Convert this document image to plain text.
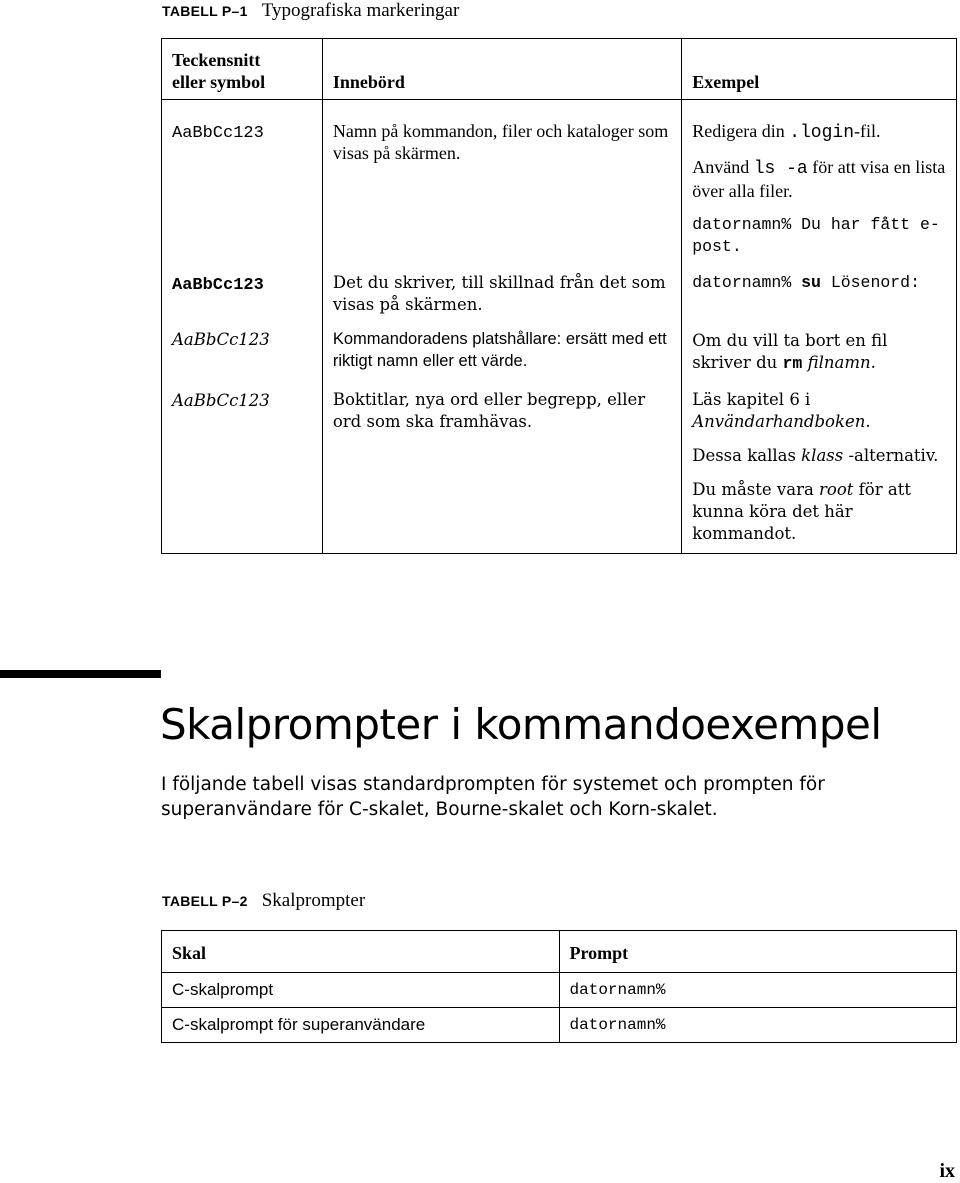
TABELL P–1 Typografiska markeringar
Teckensnitt
eller symbol	Innebörd	Exempel
AaBbCc123	Namn på kommandon, filer och kataloger som visas på skärmen.	Redigera din .login-fil.
Använd ls -a för att visa en lista över alla filer.
datornamn% Du har fått e-post.

AaBbCc123	Det du skriver, till skillnad från det som visas på skärmen.	datornamn% su Lösenord:

AaBbCc123	Kommandoradens platshållare: ersätt med ett riktigt namn eller ett värde.	Om du vill ta bort en fil skriver du rm filnamn.

AaBbCc123	Boktitlar, nya ord eller begrepp, eller ord som ska framhävas.	Läs kapitel 6 i Användarhandboken.
Dessa kallas klass -alternativ.
Du måste vara root för att kunna köra det här kommandot.
Skalprompter i kommandoexempel

I följande tabell visas standardprompten för systemet och prompten för superanvändare för C-skalet, Bourne-skalet och Korn-skalet.

TABELL P–2 Skalprompter
Skal	Prompt
C-skalprompt	datornamn%
C-skalprompt för superanvändare	datornamn%
ix
